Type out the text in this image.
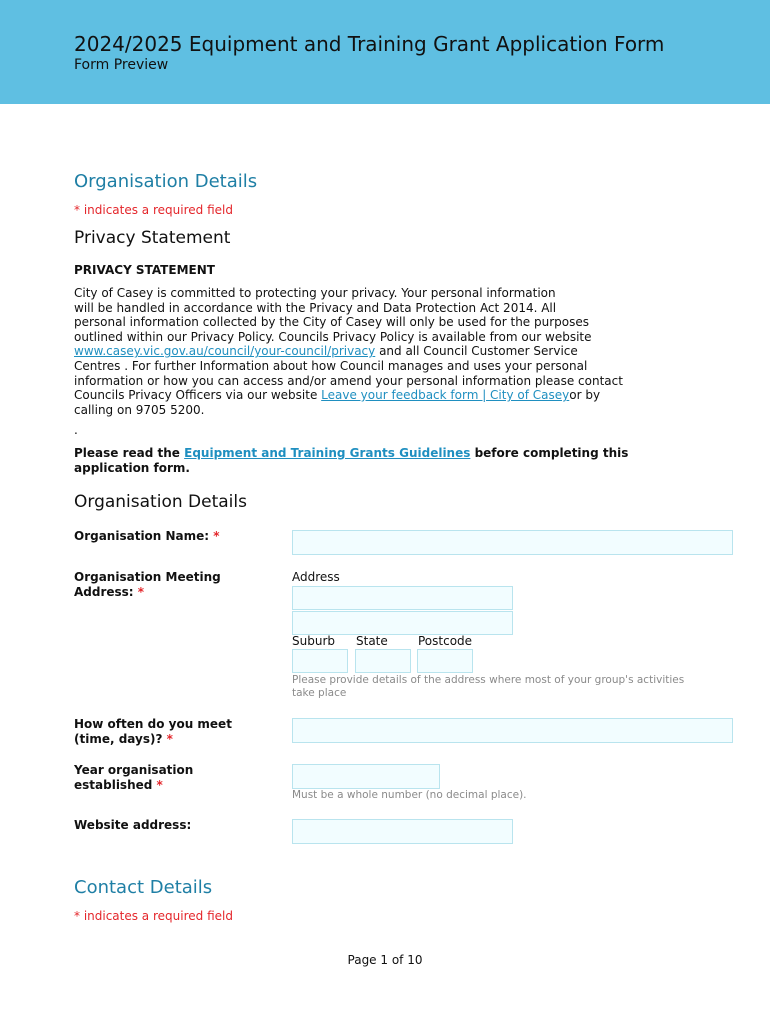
2024/2025 Equipment and Training Grant Application Form
Form Preview
Organisation Details
* indicates a required field
Privacy Statement
PRIVACY STATEMENT
City of Casey is committed to protecting your privacy. Your personal information
will be handled in accordance with the Privacy and Data Protection Act 2014. All
personal information collected by the City of Casey will only be used for the purposes
outlined within our Privacy Policy. Councils Privacy Policy is available from our website
www.casey.vic.gov.au/council/your-council/privacy and all Council Customer Service
Centres . For further Information about how Council manages and uses your personal
information or how you can access and/or amend your personal information please contact
Councils Privacy Officers via our website Leave your feedback form | City of Caseyor by
calling on 9705 5200.
.
Please read the Equipment and Training Grants Guidelines before completing this application form.
Organisation Details
Organisation Name: *
Organisation Meeting Address: *
Address
Suburb State	Postcode
Please provide details of the address where most of your group's activities take place
How often do you meet (time, days)? *
Year organisation established *
Must be a whole number (no decimal place).
Website address:
Contact Details
* indicates a required field
Page 1 of 10
